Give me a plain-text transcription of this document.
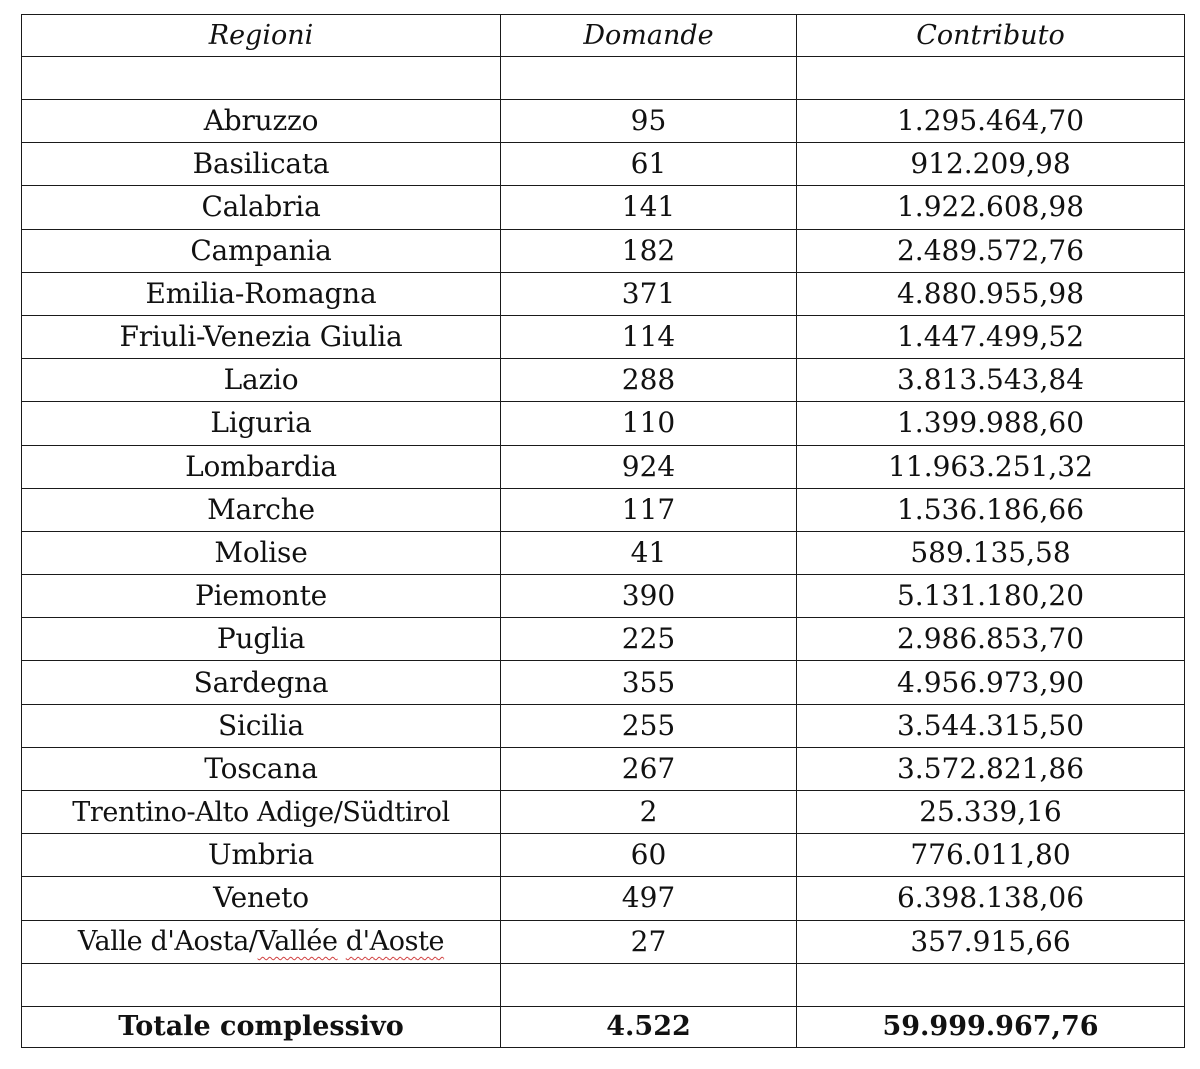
Regioni	Domande	Contributo

Abruzzo	95	1.295.464,70
Basilicata	61	912.209,98
Calabria	141	1.922.608,98
Campania	182	2.489.572,76
Emilia-Romagna	371	4.880.955,98
Friuli-Venezia Giulia	114	1.447.499,52
Lazio	288	3.813.543,84
Liguria	110	1.399.988,60
Lombardia	924	11.963.251,32
Marche	117	1.536.186,66
Molise	41	589.135,58
Piemonte	390	5.131.180,20
Puglia	225	2.986.853,70
Sardegna	355	4.956.973,90
Sicilia	255	3.544.315,50
Toscana	267	3.572.821,86
Trentino-Alto Adige/Südtirol	2	25.339,16
Umbria	60	776.011,80
Veneto	497	6.398.138,06
Valle d'Aosta/Vallée d'Aoste	27	357.915,66

Totale complessivo	4.522	59.999.967,76
